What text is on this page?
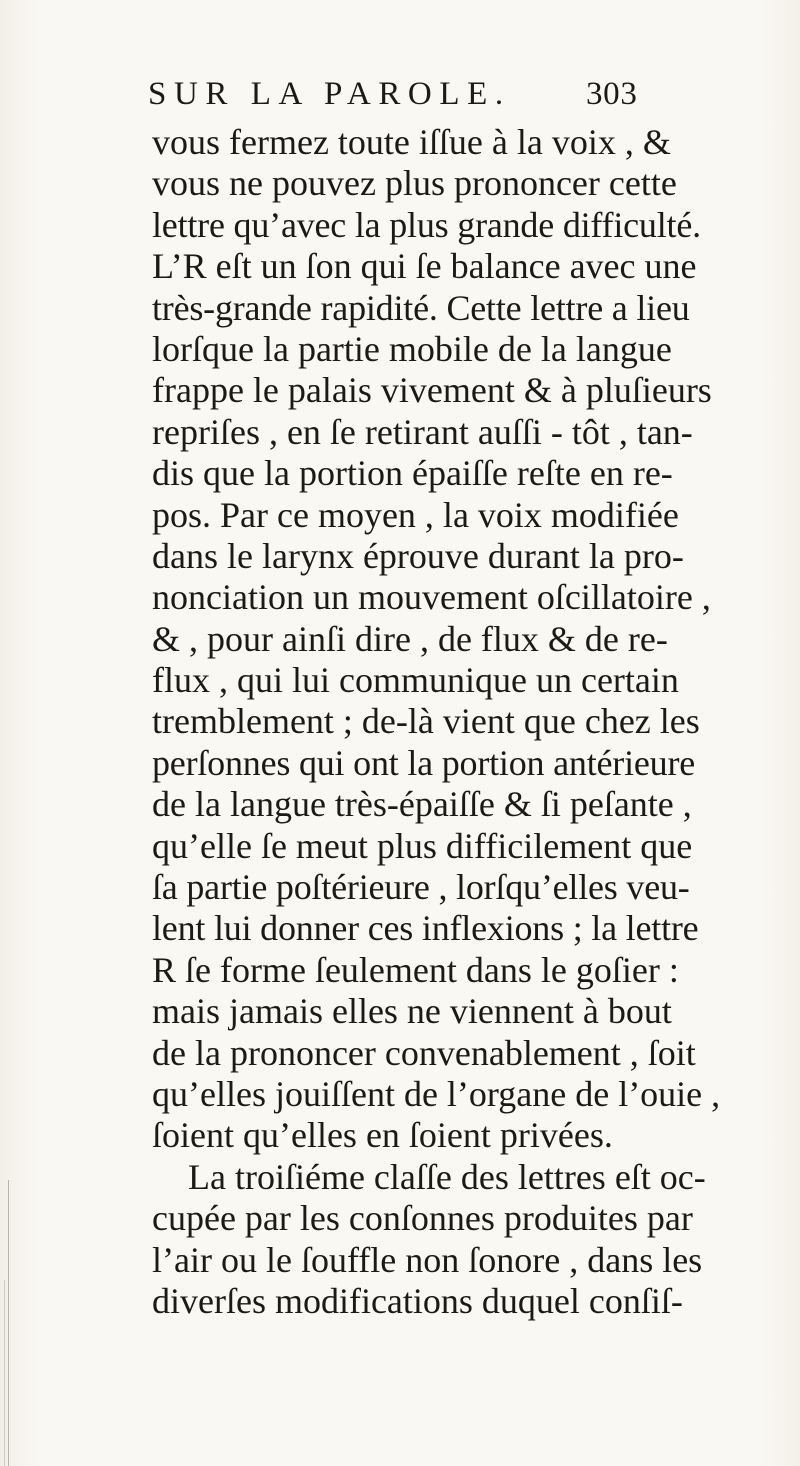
SUR LA PAROLE. 303
vous fermez toute iſſue à la voix , &
vous ne pouvez plus prononcer cette
lettre qu’avec la plus grande difficulté.
L’R eſt un ſon qui ſe balance avec une
très-grande rapidité. Cette lettre a lieu
lorſque la partie mobile de la langue
frappe le palais vivement & à pluſieurs
repriſes , en ſe retirant auſſi - tôt , tan-
dis que la portion épaiſſe reſte en re-
pos. Par ce moyen , la voix modifiée
dans le larynx éprouve durant la pro-
nonciation un mouvement oſcillatoire ,
& , pour ainſi dire , de flux & de re-
flux , qui lui communique un certain
tremblement ; de-là vient que chez les
perſonnes qui ont la portion antérieure
de la langue très-épaiſſe & ſi peſante ,
qu’elle ſe meut plus difficilement que
ſa partie poſtérieure , lorſqu’elles veu-
lent lui donner ces inflexions ; la lettre
R ſe forme ſeulement dans le goſier :
mais jamais elles ne viennent à bout
de la prononcer convenablement , ſoit
qu’elles jouiſſent de l’organe de l’ouie ,
ſoient qu’elles en ſoient privées.
La troiſiéme claſſe des lettres eſt oc-
cupée par les conſonnes produites par
l’air ou le ſouffle non ſonore , dans les
diverſes modifications duquel conſiſ-
